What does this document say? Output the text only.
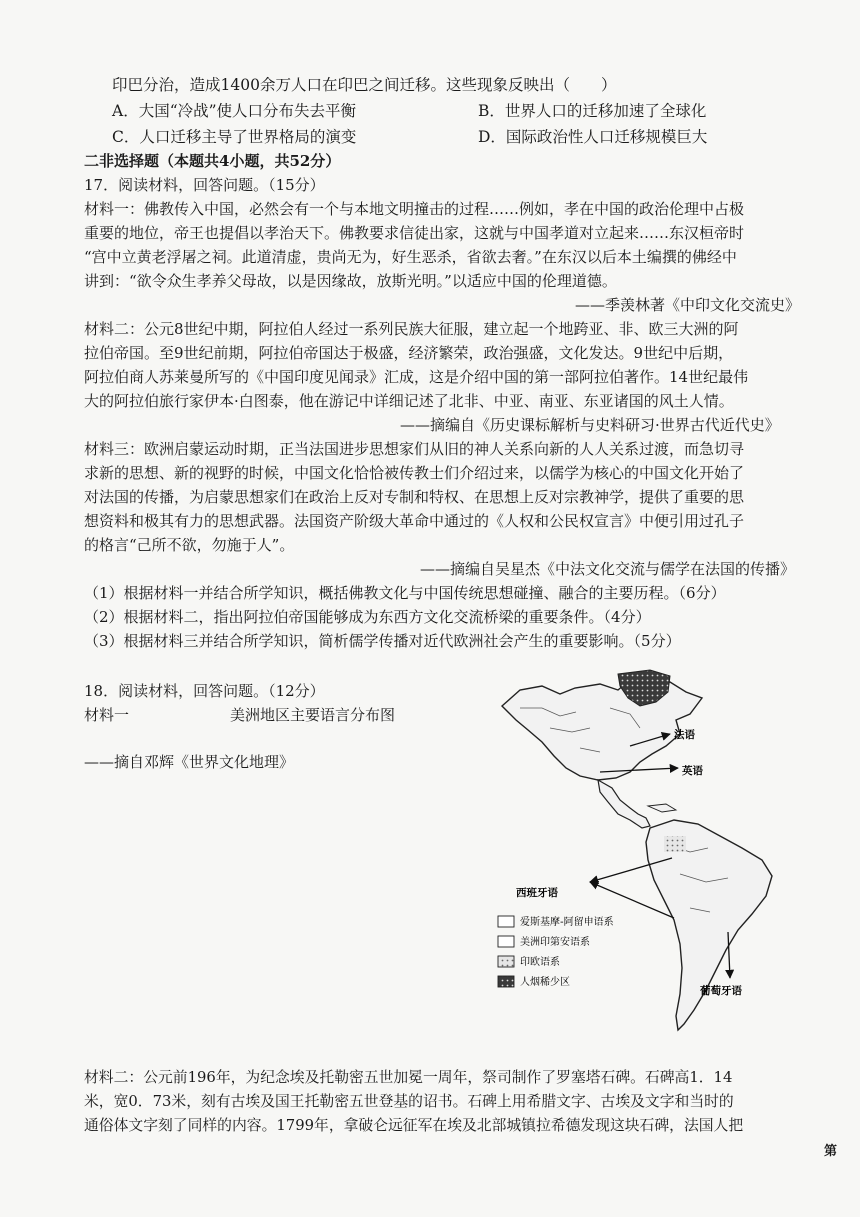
印巴分治，造成1400余万人口在印巴之间迁移。这些现象反映出（　　）
A．大国“冷战”使人口分布失去平衡	B．世界人口的迁移加速了全球化
C．人口迁移主导了世界格局的演变	D．国际政治性人口迁移规模巨大
二非选择题（本题共4小题，共52分）
17．阅读材料，回答问题。（15分）
材料一：佛教传入中国，必然会有一个与本地文明撞击的过程……例如，孝在中国的政治伦理中占极
重要的地位，帝王也提倡以孝治天下。佛教要求信徒出家，这就与中国孝道对立起来……东汉桓帝时
“宫中立黄老浮屠之祠。此道清虚，贵尚无为，好生恶杀，省欲去奢。”在东汉以后本土编撰的佛经中
讲到：“欲令众生孝养父母故，以是因缘故，放斯光明。”以适应中国的伦理道德。
——季羡林著《中印文化交流史》
材料二：公元8世纪中期，阿拉伯人经过一系列民族大征服，建立起一个地跨亚、非、欧三大洲的阿
拉伯帝国。至9世纪前期，阿拉伯帝国达于极盛，经济繁荣，政治强盛，文化发达。9世纪中后期，
阿拉伯商人苏莱曼所写的《中国印度见闻录》汇成，这是介绍中国的第一部阿拉伯著作。14世纪最伟
大的阿拉伯旅行家伊本·白图泰，他在游记中详细记述了北非、中亚、南亚、东亚诸国的风土人情。
——摘编自《历史课标解析与史料研习·世界古代近代史》
材料三：欧洲启蒙运动时期，正当法国进步思想家们从旧的神人关系向新的人人关系过渡，而急切寻
求新的思想、新的视野的时候，中国文化恰恰被传教士们介绍过来，以儒学为核心的中国文化开始了
对法国的传播，为启蒙思想家们在政治上反对专制和特权、在思想上反对宗教神学，提供了重要的思
想资料和极其有力的思想武器。法国资产阶级大革命中通过的《人权和公民权宣言》中便引用过孔子
的格言“己所不欲，勿施于人”。
——摘编自吴星杰《中法文化交流与儒学在法国的传播》
（1）根据材料一并结合所学知识，概括佛教文化与中国传统思想碰撞、融合的主要历程。（6分）
（2）根据材料二，指出阿拉伯帝国能够成为东西方文化交流桥梁的重要条件。（4分）
（3）根据材料三并结合所学知识，简析儒学传播对近代欧洲社会产生的重要影响。（5分）
18．阅读材料，回答问题。（12分）
材料一	美洲地区主要语言分布图
——摘自邓辉《世界文化地理》
法语
英语
西班牙语
葡萄牙语
爱斯基摩-阿留申语系
美洲印第安语系
印欧语系
人烟稀少区
材料二：公元前196年，为纪念埃及托勒密五世加冕一周年，祭司制作了罗塞塔石碑。石碑高1．14
米，宽0．73米，刻有古埃及国王托勒密五世登基的诏书。石碑上用希腊文字、古埃及文字和当时的
通俗体文字刻了同样的内容。1799年，拿破仑远征军在埃及北部城镇拉希德发现这块石碑，法国人把
第
